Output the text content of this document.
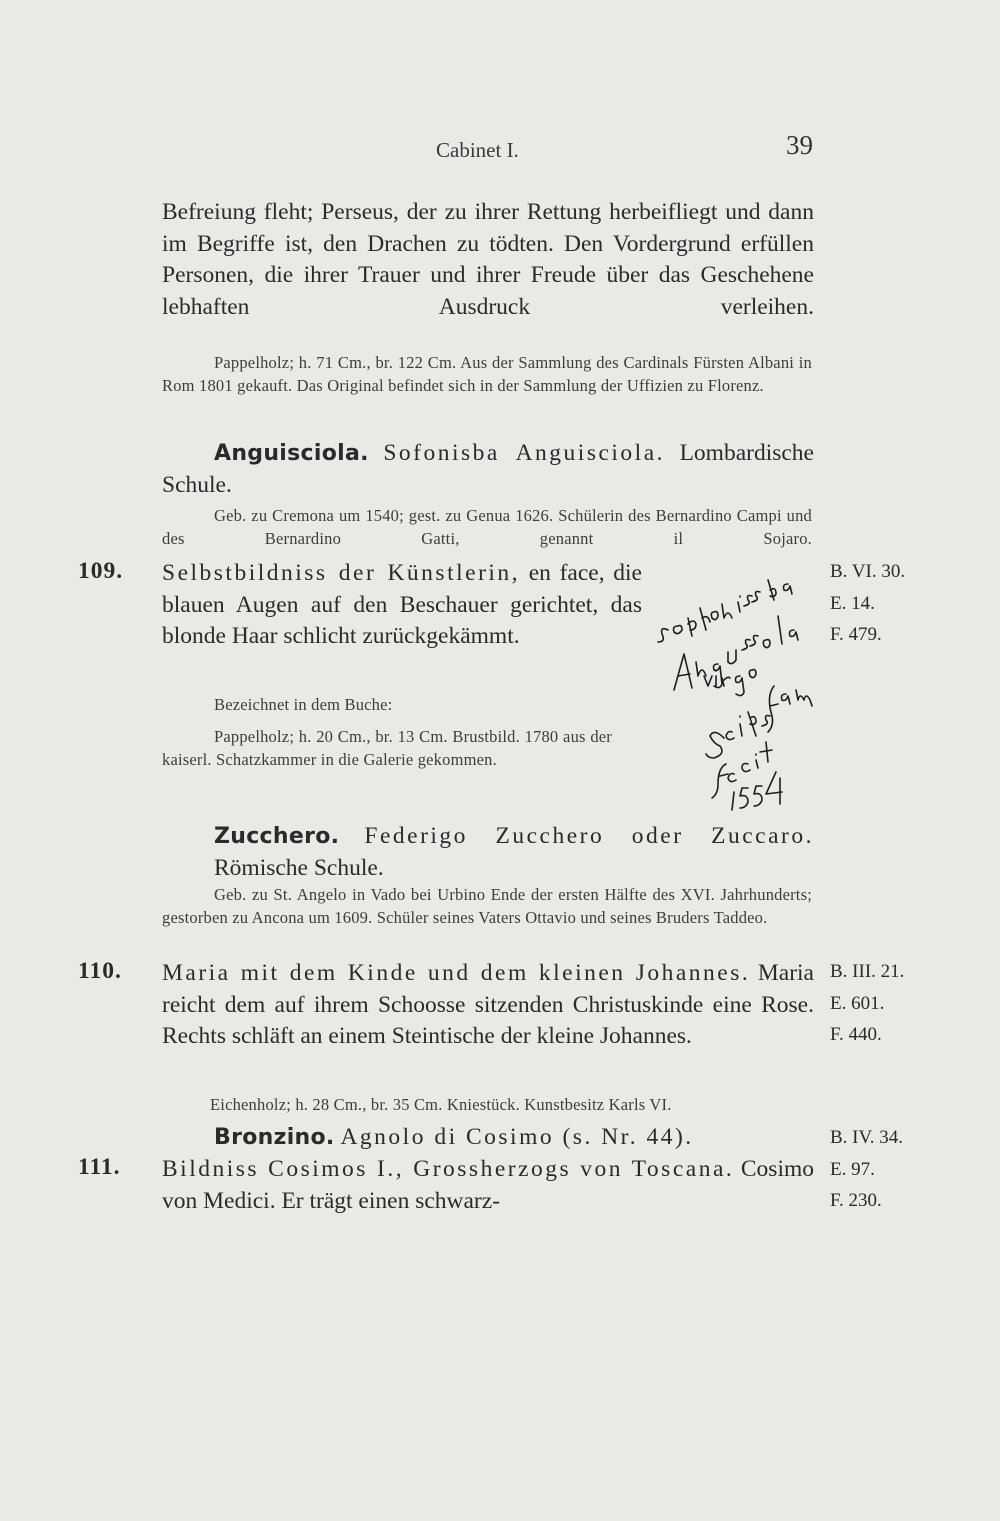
Cabinet I.	39
Befreiung fleht; Perseus, der zu ihrer Rettung herbeifliegt und dann im Begriffe ist, den Drachen zu tödten. Den Vordergrund erfüllen Personen, die ihrer Trauer und ihrer Freude über das Geschehene lebhaften Ausdruck verleihen.
Pappelholz; h. 71 Cm., br. 122 Cm. Aus der Sammlung des Cardinals Fürsten Albani in Rom 1801 gekauft. Das Original befindet sich in der Sammlung der Uffizien zu Florenz.
Anguisciola. Sofonisba Anguisciola. Lombardische Schule.
Geb. zu Cremona um 1540; gest. zu Genua 1626. Schülerin des Bernardino Campi und des Bernardino Gatti, genannt il Sojaro.
109. Selbstbildniss der Künstlerin, en face, die blauen Augen auf den Beschauer gerichtet, das blonde Haar schlicht zurückgekämmt.
B. VI. 30.
E. 14.
F. 479.
Bezeichnet in dem Buche:
Pappelholz; h. 20 Cm., br. 13 Cm. Brustbild. 1780 aus der kaiserl. Schatzkammer in die Galerie gekommen.
Zucchero. Federigo Zucchero oder Zuccaro.
Römische Schule.
Geb. zu St. Angelo in Vado bei Urbino Ende der ersten Hälfte des XVI. Jahrhunderts; gestorben zu Ancona um 1609. Schüler seines Vaters Ottavio und seines Bruders Taddeo.
110. Maria mit dem Kinde und dem kleinen Johannes. Maria reicht dem auf ihrem Schoosse sitzenden Christuskinde eine Rose. Rechts schläft an einem Steintische der kleine Johannes.
B. III. 21.
E. 601.
F. 440.
Eichenholz; h. 28 Cm., br. 35 Cm. Kniestück. Kunstbesitz Karls VI.
Bronzino. Agnolo di Cosimo (s. Nr. 44).
111. Bildniss Cosimos I., Grossherzogs von Toscana. Cosimo von Medici. Er trägt einen schwarz-
B. IV. 34.
E. 97.
F. 230.
